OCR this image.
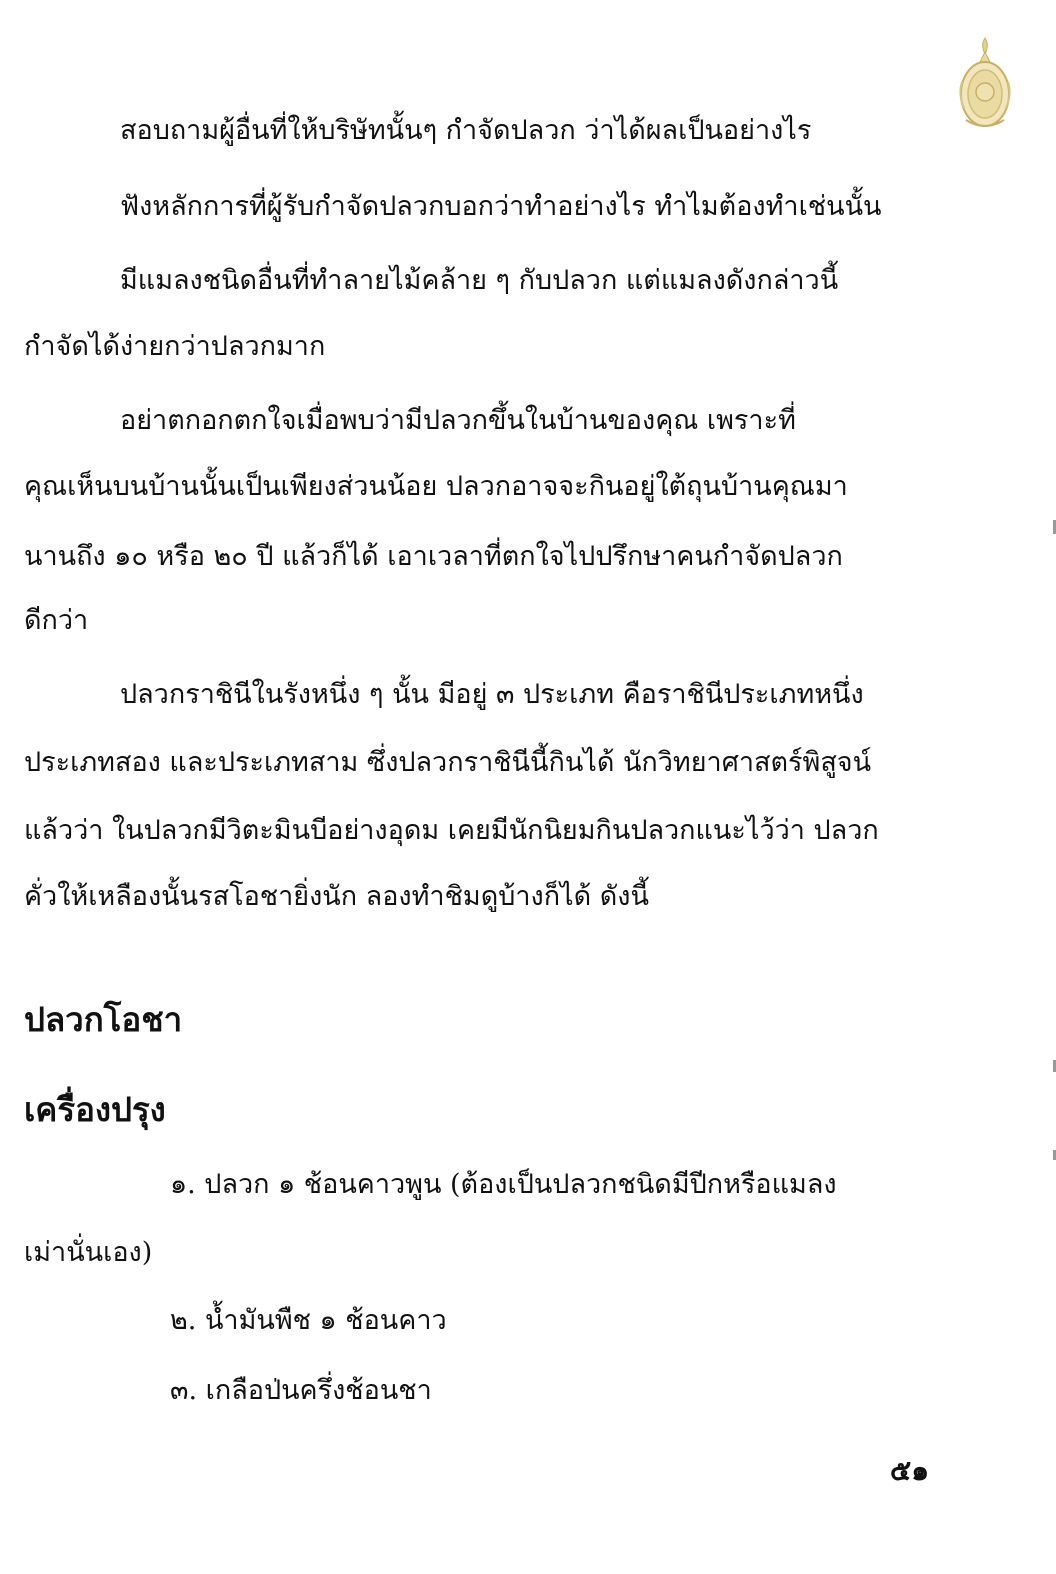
สอบถามผู้อื่นที่ให้บริษัทนั้นๆ กำจัดปลวก ว่าได้ผลเป็นอย่างไร
ฟังหลักการที่ผู้รับกำจัดปลวกบอกว่าทำอย่างไร ทำไมต้องทำเช่นนั้น
มีแมลงชนิดอื่นที่ทำลายไม้คล้าย ๆ กับปลวก แต่แมลงดังกล่าวนี้
กำจัดได้ง่ายกว่าปลวกมาก
อย่าตกอกตกใจเมื่อพบว่ามีปลวกขึ้นในบ้านของคุณ เพราะที่
คุณเห็นบนบ้านนั้นเป็นเพียงส่วนน้อย ปลวกอาจจะกินอยู่ใต้ถุนบ้านคุณมา
นานถึง ๑๐ หรือ ๒๐ ปี แล้วก็ได้ เอาเวลาที่ตกใจไปปรึกษาคนกำจัดปลวก
ดีกว่า
ปลวกราชินีในรังหนึ่ง ๆ นั้น มีอยู่ ๓ ประเภท คือราชินีประเภทหนึ่ง
ประเภทสอง และประเภทสาม ซึ่งปลวกราชินีนี้กินได้ นักวิทยาศาสตร์พิสูจน์
แล้วว่า ในปลวกมีวิตะมินบีอย่างอุดม เคยมีนักนิยมกินปลวกแนะไว้ว่า ปลวก
คั่วให้เหลืองนั้นรสโอชายิ่งนัก ลองทำชิมดูบ้างก็ได้ ดังนี้
ปลวกโอชา
เครื่องปรุง
๑. ปลวก ๑ ช้อนคาวพูน (ต้องเป็นปลวกชนิดมีปีกหรือแมลง
เม่านั่นเอง)
๒. น้ำมันพืช ๑ ช้อนคาว
๓. เกลือป่นครึ่งช้อนชา
๕๑
